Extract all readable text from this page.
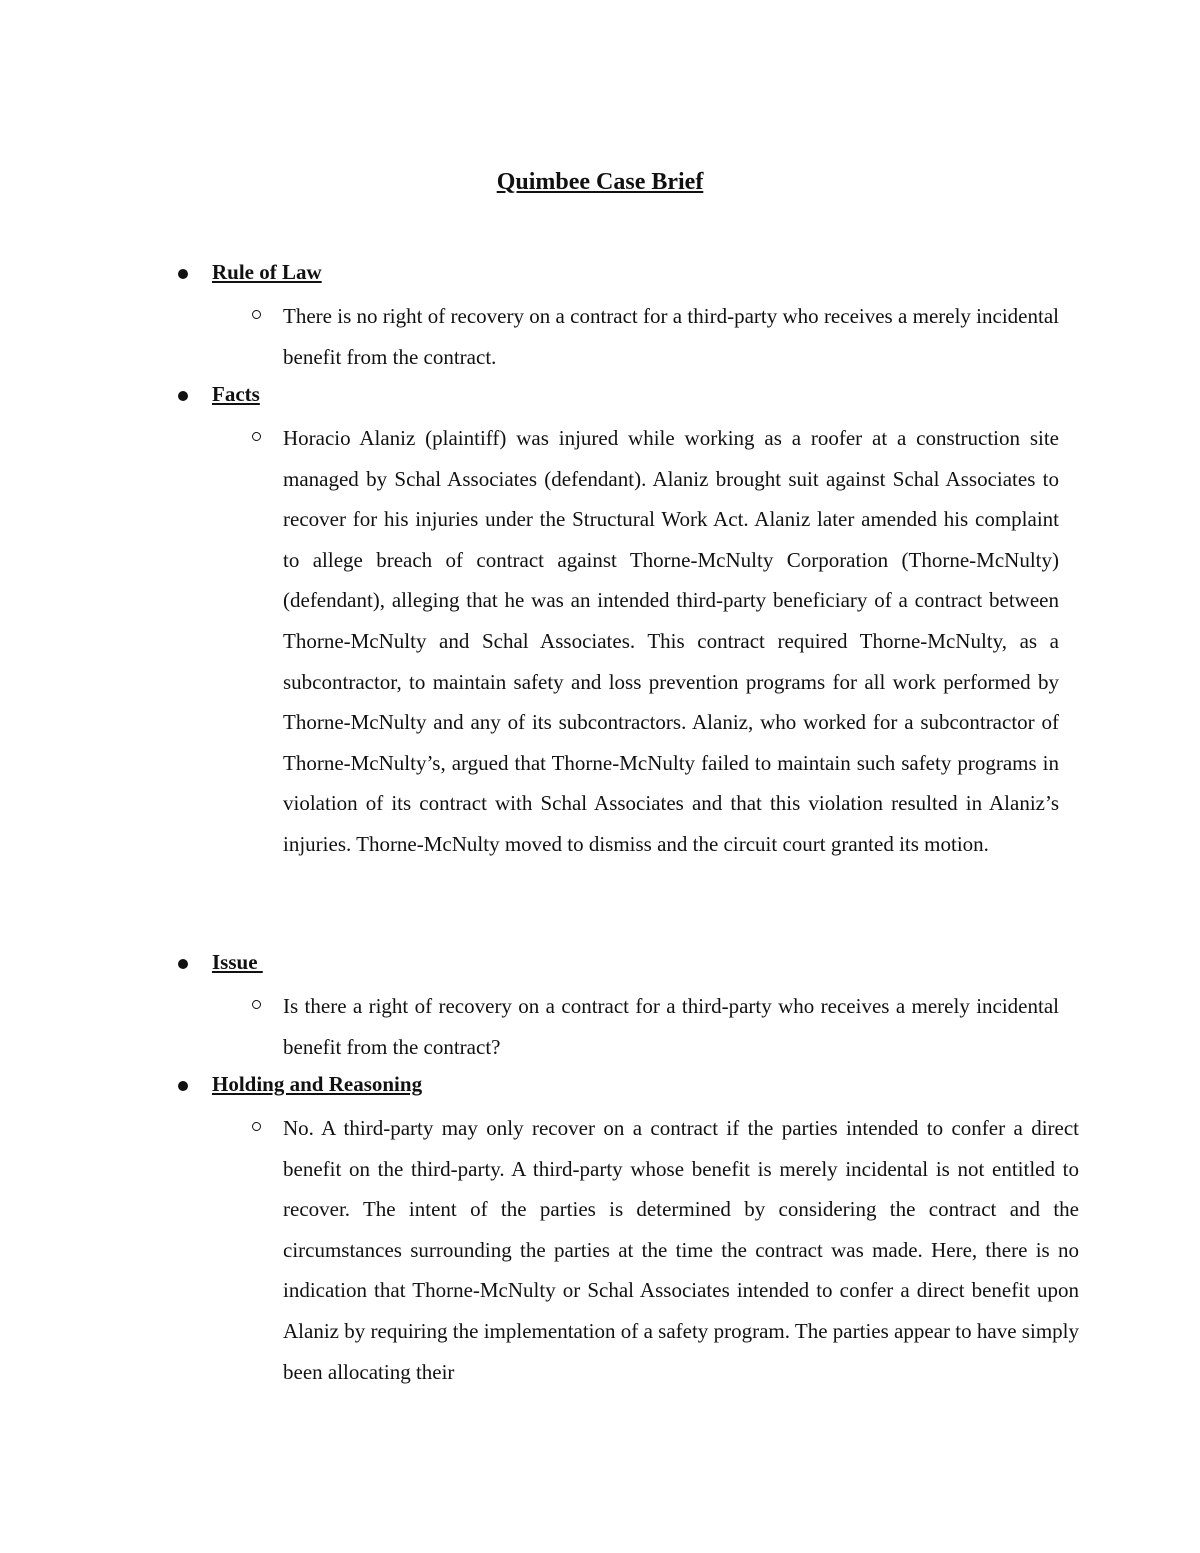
Quimbee Case Brief
Rule of Law

There is no right of recovery on a contract for a third-party who receives a merely incidental benefit from the contract.

Facts

Horacio Alaniz (plaintiff) was injured while working as a roofer at a construction site managed by Schal Associates (defendant). Alaniz brought suit against Schal Associates to recover for his injuries under the Structural Work Act. Alaniz later amended his complaint to allege breach of contract against Thorne-McNulty Corporation (Thorne-McNulty) (defendant), alleging that he was an intended third-party beneficiary of a contract between Thorne-McNulty and Schal Associates. This contract required Thorne-McNulty, as a subcontractor, to maintain safety and loss prevention programs for all work performed by Thorne-McNulty and any of its subcontractors. Alaniz, who worked for a subcontractor of Thorne-McNulty’s, argued that Thorne-McNulty failed to maintain such safety programs in violation of its contract with Schal Associates and that this violation resulted in Alaniz’s injuries. Thorne-McNulty moved to dismiss and the circuit court granted its motion.

Issue

Is there a right of recovery on a contract for a third-party who receives a merely incidental benefit from the contract?

Holding and Reasoning

No. A third-party may only recover on a contract if the parties intended to confer a direct benefit on the third-party. A third-party whose benefit is merely incidental is not entitled to recover. The intent of the parties is determined by considering the contract and the circumstances surrounding the parties at the time the contract was made. Here, there is no indication that Thorne-McNulty or Schal Associates intended to confer a direct benefit upon Alaniz by requiring the implementation of a safety program. The parties appear to have simply been allocating their
